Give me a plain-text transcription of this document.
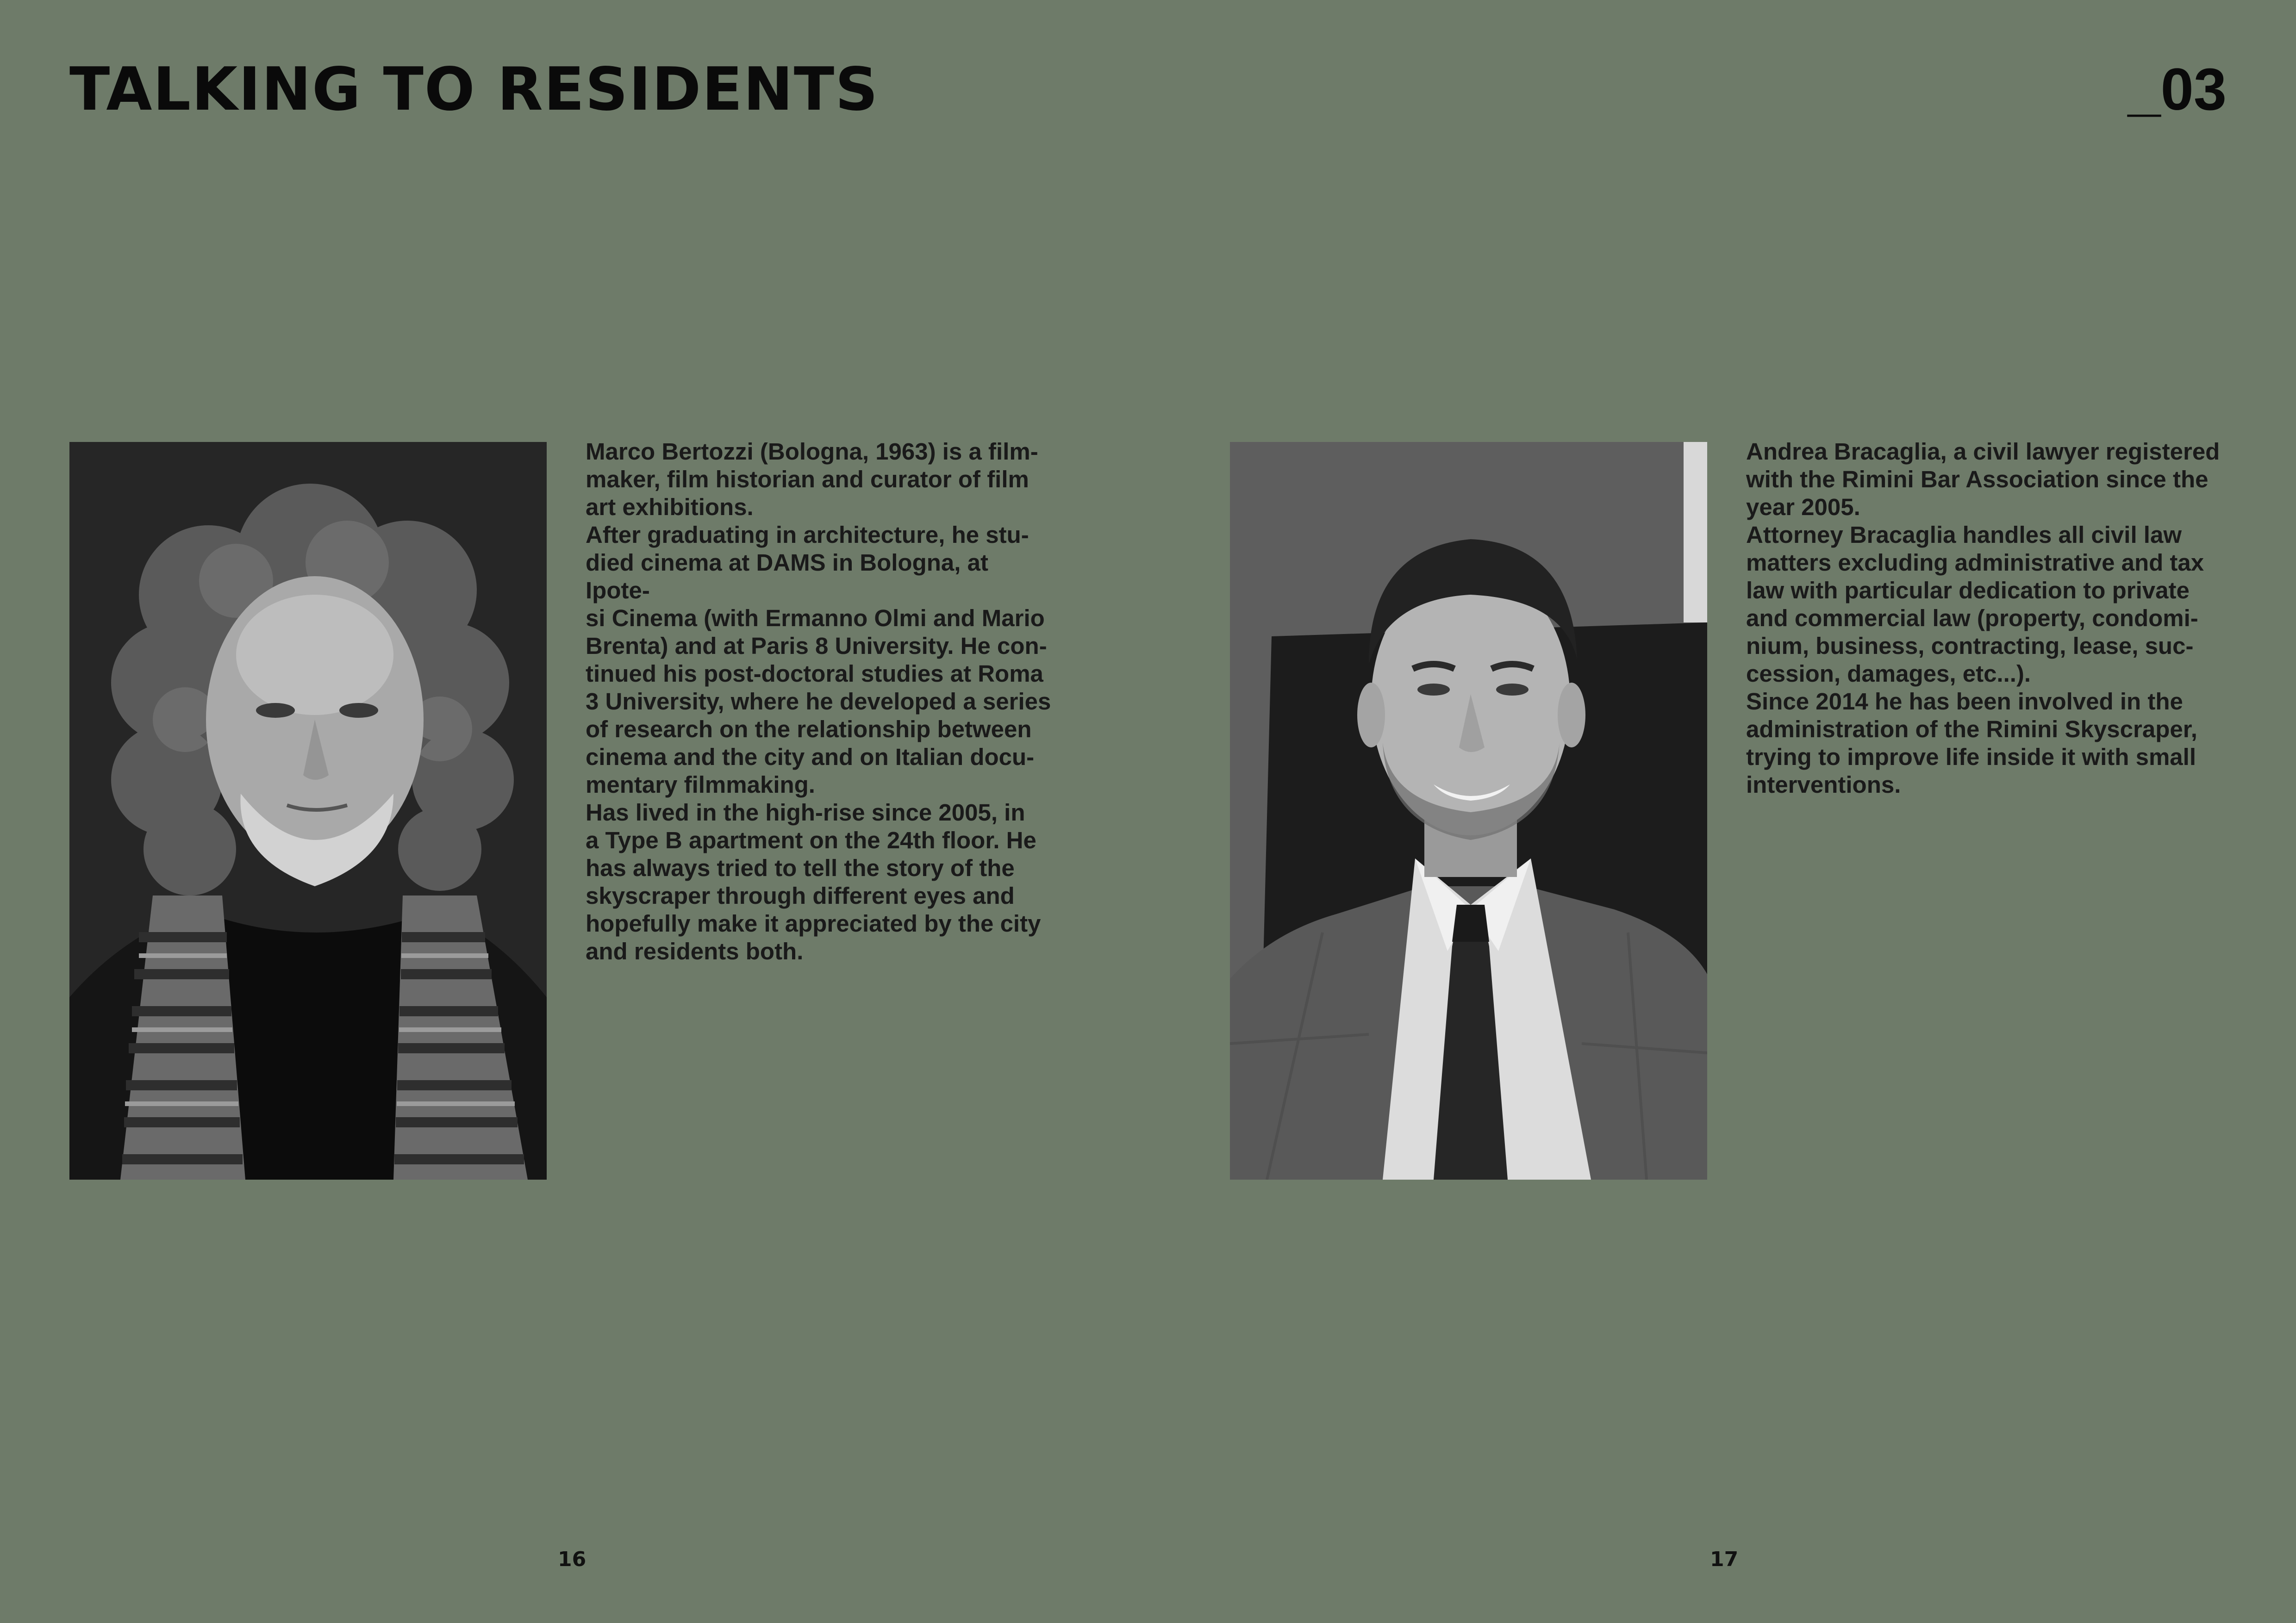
TALKING TO RESIDENTS	_03

Marco Bertozzi (Bologna, 1963) is a film-

maker, film historian and curator of film

art exhibitions.

After graduating in architecture, he stu-

died cinema at DAMS in Bologna, at Ipote-

si Cinema (with Ermanno Olmi and Mario

Brenta) and at Paris 8 University. He con-

tinued his post-doctoral studies at Roma

3 University, where he developed a series

of research on the relationship between

cinema and the city and on Italian docu-

mentary filmmaking.

Has lived in the high-rise since 2005, in

a Type B apartment on the 24th floor. He

has always tried to tell the story of the

skyscraper through different eyes and

hopefully make it appreciated by the city

and residents both.

Andrea Bracaglia, a civil lawyer registered

with the Rimini Bar Association since the

year 2005.

Attorney Bracaglia handles all civil law

matters excluding administrative and tax

law with particular dedication to private

and commercial law (property, condomi-

nium, business, contracting, lease, suc-

cession, damages, etc...).

Since 2014 he has been involved in the

administration of the Rimini Skyscraper,

trying to improve life inside it with small

interventions.

16	17
